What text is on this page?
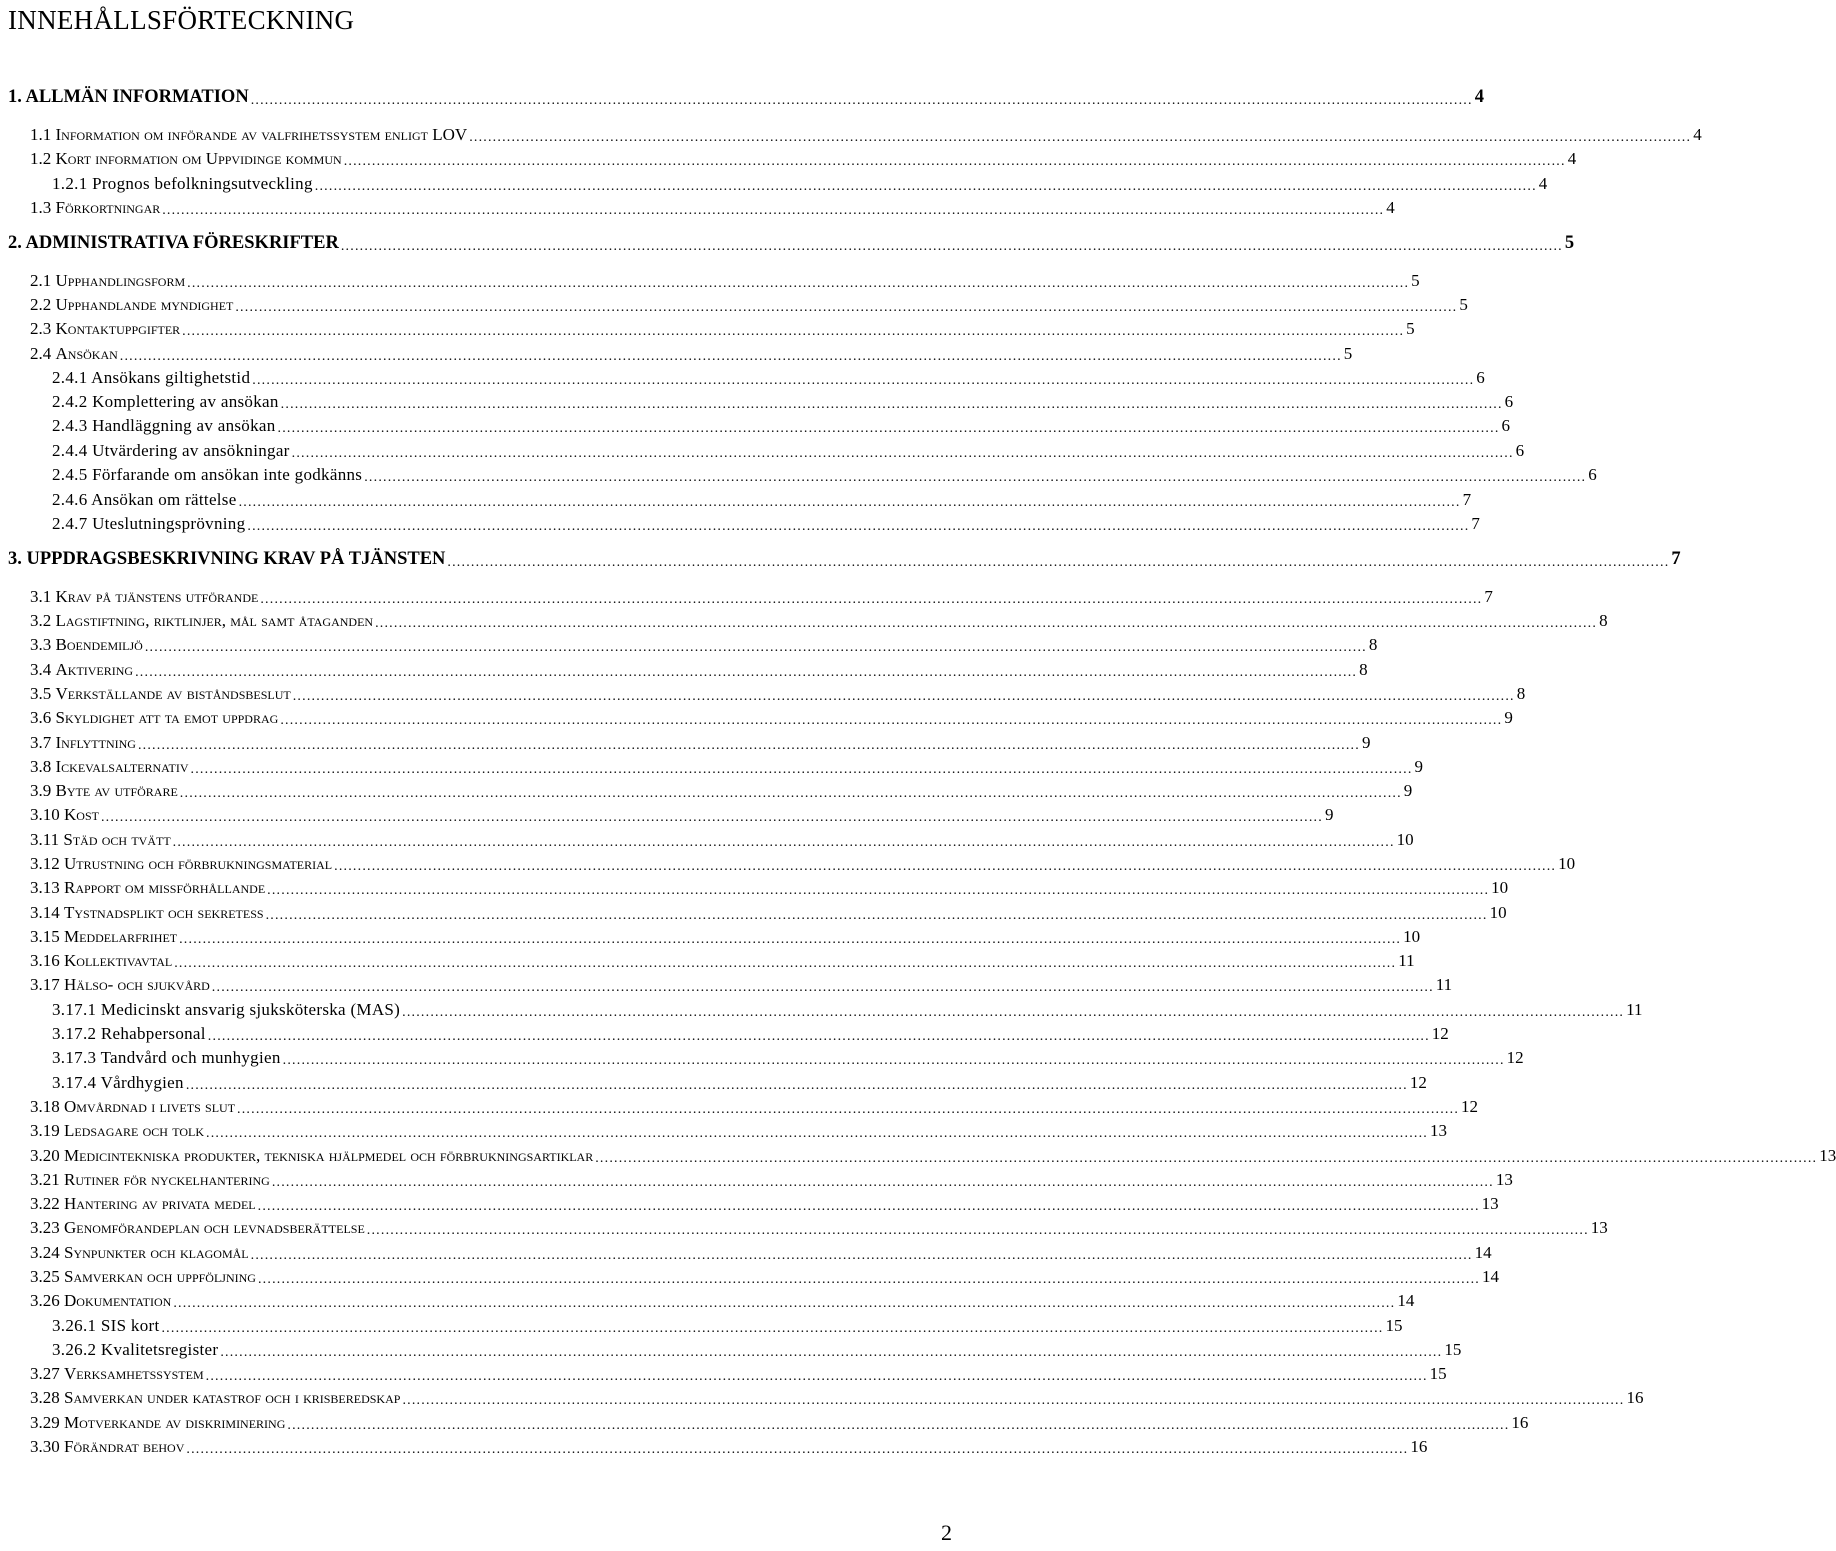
INNEHÅLLSFÖRTECKNING
1. ALLMÄN INFORMATION .................................................................................................................................................................................................................................................................... 4
1.1 Information om införande av valfrihetssystem enligt LOV .................................................................................................................................................................................................................................................................... 4
1.2 Kort information om Uppvidinge kommun .................................................................................................................................................................................................................................................................... 4
1.2.1 Prognos befolkningsutveckling .................................................................................................................................................................................................................................................................... 4
1.3 Förkortningar .................................................................................................................................................................................................................................................................... 4
2. ADMINISTRATIVA FÖRESKRIFTER .................................................................................................................................................................................................................................................................... 5
2.1 Upphandlingsform .................................................................................................................................................................................................................................................................... 5
2.2 Upphandlande myndighet .................................................................................................................................................................................................................................................................... 5
2.3 Kontaktuppgifter .................................................................................................................................................................................................................................................................... 5
2.4 Ansökan .................................................................................................................................................................................................................................................................... 5
2.4.1 Ansökans giltighetstid .................................................................................................................................................................................................................................................................... 6
2.4.2 Komplettering av ansökan .................................................................................................................................................................................................................................................................... 6
2.4.3 Handläggning av ansökan .................................................................................................................................................................................................................................................................... 6
2.4.4 Utvärdering av ansökningar .................................................................................................................................................................................................................................................................... 6
2.4.5 Förfarande om ansökan inte godkänns .................................................................................................................................................................................................................................................................... 6
2.4.6 Ansökan om rättelse .................................................................................................................................................................................................................................................................... 7
2.4.7 Uteslutningsprövning .................................................................................................................................................................................................................................................................... 7
3. UPPDRAGSBESKRIVNING KRAV PÅ TJÄNSTEN .................................................................................................................................................................................................................................................................... 7
3.1 Krav på tjänstens utförande .................................................................................................................................................................................................................................................................... 7
3.2 Lagstiftning, riktlinjer, mål samt åtaganden .................................................................................................................................................................................................................................................................... 8
3.3 Boendemiljö .................................................................................................................................................................................................................................................................... 8
3.4 Aktivering .................................................................................................................................................................................................................................................................... 8
3.5 Verkställande av biståndsbeslut .................................................................................................................................................................................................................................................................... 8
3.6 Skyldighet att ta emot uppdrag .................................................................................................................................................................................................................................................................... 9
3.7 Inflyttning .................................................................................................................................................................................................................................................................... 9
3.8 Ickevalsalternativ .................................................................................................................................................................................................................................................................... 9
3.9 Byte av utförare .................................................................................................................................................................................................................................................................... 9
3.10 Kost .................................................................................................................................................................................................................................................................... 9
3.11 Städ och tvätt .................................................................................................................................................................................................................................................................... 10
3.12 Utrustning och förbrukningsmaterial .................................................................................................................................................................................................................................................................... 10
3.13 Rapport om missförhållande .................................................................................................................................................................................................................................................................... 10
3.14 Tystnadsplikt och sekretess .................................................................................................................................................................................................................................................................... 10
3.15 Meddelarfrihet .................................................................................................................................................................................................................................................................... 10
3.16 Kollektivavtal .................................................................................................................................................................................................................................................................... 11
3.17 Hälso- och sjukvård .................................................................................................................................................................................................................................................................... 11
3.17.1 Medicinskt ansvarig sjuksköterska (MAS) .................................................................................................................................................................................................................................................................... 11
3.17.2 Rehabpersonal .................................................................................................................................................................................................................................................................... 12
3.17.3 Tandvård och munhygien .................................................................................................................................................................................................................................................................... 12
3.17.4 Vårdhygien .................................................................................................................................................................................................................................................................... 12
3.18 Omvårdnad i livets slut .................................................................................................................................................................................................................................................................... 12
3.19 Ledsagare och tolk .................................................................................................................................................................................................................................................................... 13
3.20 Medicintekniska produkter, tekniska hjälpmedel och förbrukningsartiklar .................................................................................................................................................................................................................................................................... 13
3.21 Rutiner för nyckelhantering .................................................................................................................................................................................................................................................................... 13
3.22 Hantering av privata medel .................................................................................................................................................................................................................................................................... 13
3.23 Genomförandeplan och levnadsberättelse .................................................................................................................................................................................................................................................................... 13
3.24 Synpunkter och klagomål .................................................................................................................................................................................................................................................................... 14
3.25 Samverkan och uppföljning .................................................................................................................................................................................................................................................................... 14
3.26 Dokumentation .................................................................................................................................................................................................................................................................... 14
3.26.1 SIS kort .................................................................................................................................................................................................................................................................... 15
3.26.2 Kvalitetsregister .................................................................................................................................................................................................................................................................... 15
3.27 Verksamhetssystem .................................................................................................................................................................................................................................................................... 15
3.28 Samverkan under katastrof och i krisberedskap .................................................................................................................................................................................................................................................................... 16
3.29 Motverkande av diskriminering .................................................................................................................................................................................................................................................................... 16
3.30 Förändrat behov .................................................................................................................................................................................................................................................................... 16
2
